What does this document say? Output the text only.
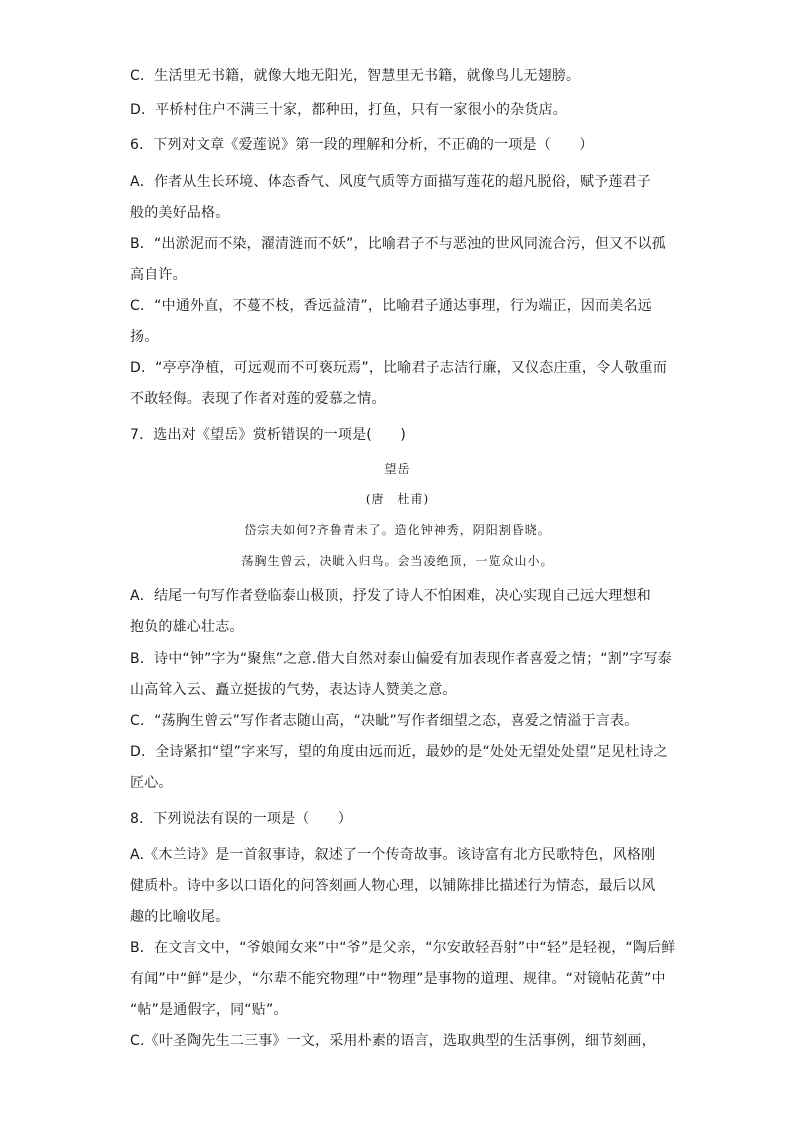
C．生活里无书籍，就像大地无阳光，智慧里无书籍，就像鸟儿无翅膀。
D．平桥村住户不满三十家，都种田，打鱼，只有一家很小的杂货店。
6．下列对文章《爱莲说》第一段的理解和分析，不正确的一项是（　　）
A．作者从生长环境、体态香气、风度气质等方面描写莲花的超凡脱俗，赋予莲君子
般的美好品格。
B．“出淤泥而不染，濯清涟而不妖”，比喻君子不与恶浊的世风同流合污，但又不以孤
高自许。
C．“中通外直，不蔓不枝，香远益清”，比喻君子通达事理，行为端正，因而美名远
扬。
D．“亭亭净植，可远观而不可亵玩焉”，比喻君子志洁行廉，又仪态庄重，令人敬重而
不敢轻侮。表现了作者对莲的爱慕之情。
7．选出对《望岳》赏析错误的一项是(　　)
望岳
(唐　杜甫)
岱宗夫如何?齐鲁青未了。造化钟神秀，阴阳割昏晓。
荡胸生曾云，决眦入归鸟。会当凌绝顶，一览众山小。
A．结尾一句写作者登临泰山极顶，抒发了诗人不怕困难，决心实现自己远大理想和
抱负的雄心壮志。
B．诗中“钟”字为“聚焦”之意.借大自然对泰山偏爱有加表现作者喜爱之情；“割”字写泰
山高耸入云、矗立挺拔的气势，表达诗人赞美之意。
C．“荡胸生曾云”写作者志随山高，“决眦”写作者细望之态，喜爱之情溢于言表。
D．全诗紧扣“望”字来写，望的角度由远而近，最妙的是“处处无望处处望”足见杜诗之
匠心。
8．下列说法有误的一项是（　　）
A.《木兰诗》是一首叙事诗，叙述了一个传奇故事。该诗富有北方民歌特色，风格刚
健质朴。诗中多以口语化的问答刻画人物心理，以铺陈排比描述行为情态，最后以风
趣的比喻收尾。
B．在文言文中，“爷娘闻女来”中“爷”是父亲，“尔安敢轻吾射”中“轻”是轻视，“陶后鲜
有闻”中“鲜”是少，“尔辈不能究物理”中“物理”是事物的道理、规律。“对镜帖花黄”中
“帖”是通假字，同“贴”。
C.《叶圣陶先生二三事》一文，采用朴素的语言，选取典型的生活事例，细节刻画，
